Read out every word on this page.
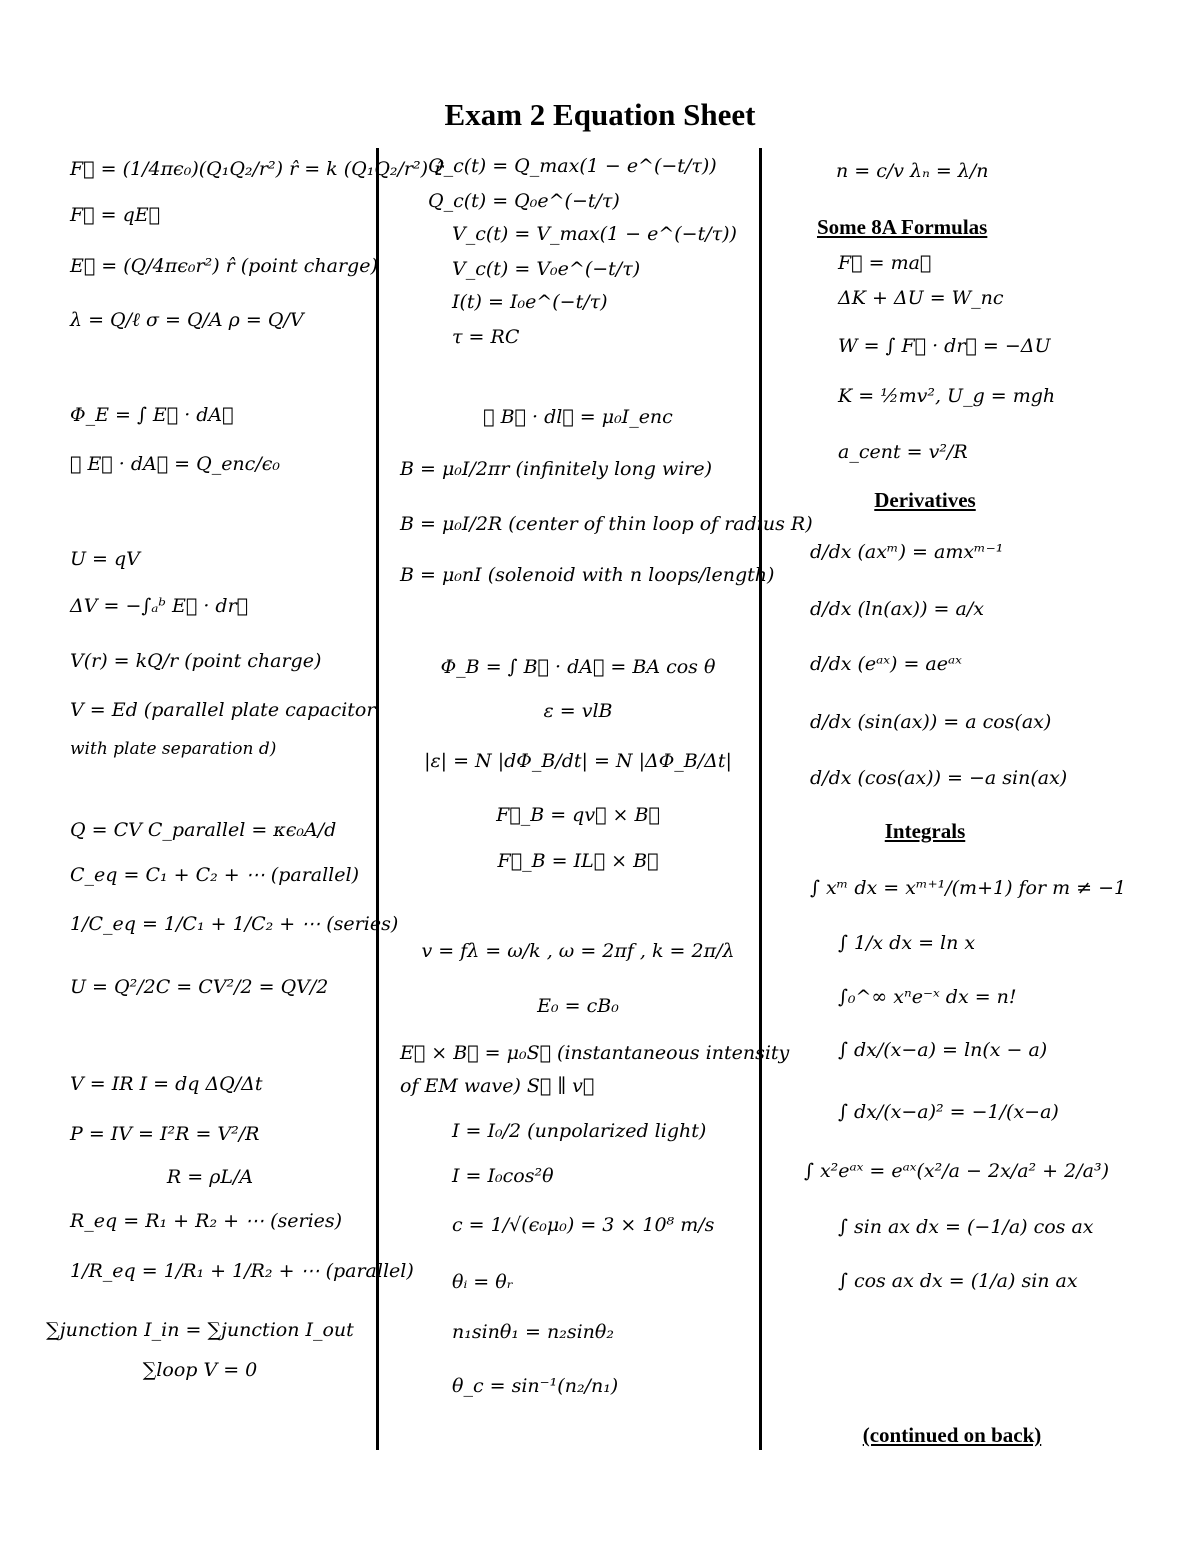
Exam 2 Equation Sheet
F⃗ = (1/4πϵ₀)(Q₁Q₂/r²) r̂ = k (Q₁Q₂/r²) r̂
F⃗ = qE⃗
E⃗ = (Q/4πϵ₀r²) r̂ (point charge)
λ = Q/ℓ σ = Q/A ρ = Q/V
Φ_E = ∫ E⃗ · dA⃗
∮ E⃗ · dA⃗ = Q_enc/ϵ₀
U = qV
ΔV = −∫ₐᵇ E⃗ · dr⃗
V(r) = kQ/r (point charge)
V = Ed (parallel plate capacitor
with plate separation d)
Q = CV C_parallel = κϵ₀A/d
C_eq = C₁ + C₂ + ⋯ (parallel)
1/C_eq = 1/C₁ + 1/C₂ + ⋯ (series)
U = Q²/2C = CV²/2 = QV/2
V = IR I = dq ΔQ/Δt
P = IV = I²R = V²/R
R = ρL/A
R_eq = R₁ + R₂ + ⋯ (series)
1/R_eq = 1/R₁ + 1/R₂ + ⋯ (parallel)
∑junction I_in = ∑junction I_out
∑loop V = 0
Q_c(t) = Q_max(1 − e^(−t/τ))
Q_c(t) = Q₀e^(−t/τ)
V_c(t) = V_max(1 − e^(−t/τ))
V_c(t) = V₀e^(−t/τ)
I(t) = I₀e^(−t/τ)
τ = RC
∮ B⃗ · dl⃗ = μ₀I_enc
B = μ₀I/2πr (infinitely long wire)
B = μ₀I/2R (center of thin loop of radius R)
B = μ₀nI (solenoid with n loops/length)
Φ_B = ∫ B⃗ · dA⃗ = BA cos θ
ε = vlB
|ε| = N |dΦ_B/dt| = N |ΔΦ_B/Δt|
F⃗_B = qv⃗ × B⃗
F⃗_B = IL⃗ × B⃗
v = fλ = ω/k , ω = 2πf , k = 2π/λ
E₀ = cB₀
E⃗ × B⃗ = μ₀S⃗ (instantaneous intensity
of EM wave) S⃗ ∥ v⃗
I = I₀/2 (unpolarized light)
I = I₀cos²θ
c = 1/√(ϵ₀μ₀) = 3 × 10⁸ m/s
θᵢ = θᵣ
n₁sinθ₁ = n₂sinθ₂
θ_c = sin⁻¹(n₂/n₁)
n = c/v λₙ = λ/n
Some 8A Formulas
F⃗ = ma⃗
ΔK + ΔU = W_nc
W = ∫ F⃗ · dr⃗ = −ΔU
K = ½mv², U_g = mgh
a_cent = v²/R
Derivatives
d/dx (axᵐ) = amxᵐ⁻¹
d/dx (ln(ax)) = a/x
d/dx (eᵃˣ) = aeᵃˣ
d/dx (sin(ax)) = a cos(ax)
d/dx (cos(ax)) = −a sin(ax)
Integrals
∫ xᵐ dx = xᵐ⁺¹/(m+1) for m ≠ −1
∫ 1/x dx = ln x
∫₀^∞ xⁿe⁻ˣ dx = n!
∫ dx/(x−a) = ln(x − a)
∫ dx/(x−a)² = −1/(x−a)
∫ x²eᵃˣ = eᵃˣ(x²/a − 2x/a² + 2/a³)
∫ sin ax dx = (−1/a) cos ax
∫ cos ax dx = (1/a) sin ax
(continued on back)
